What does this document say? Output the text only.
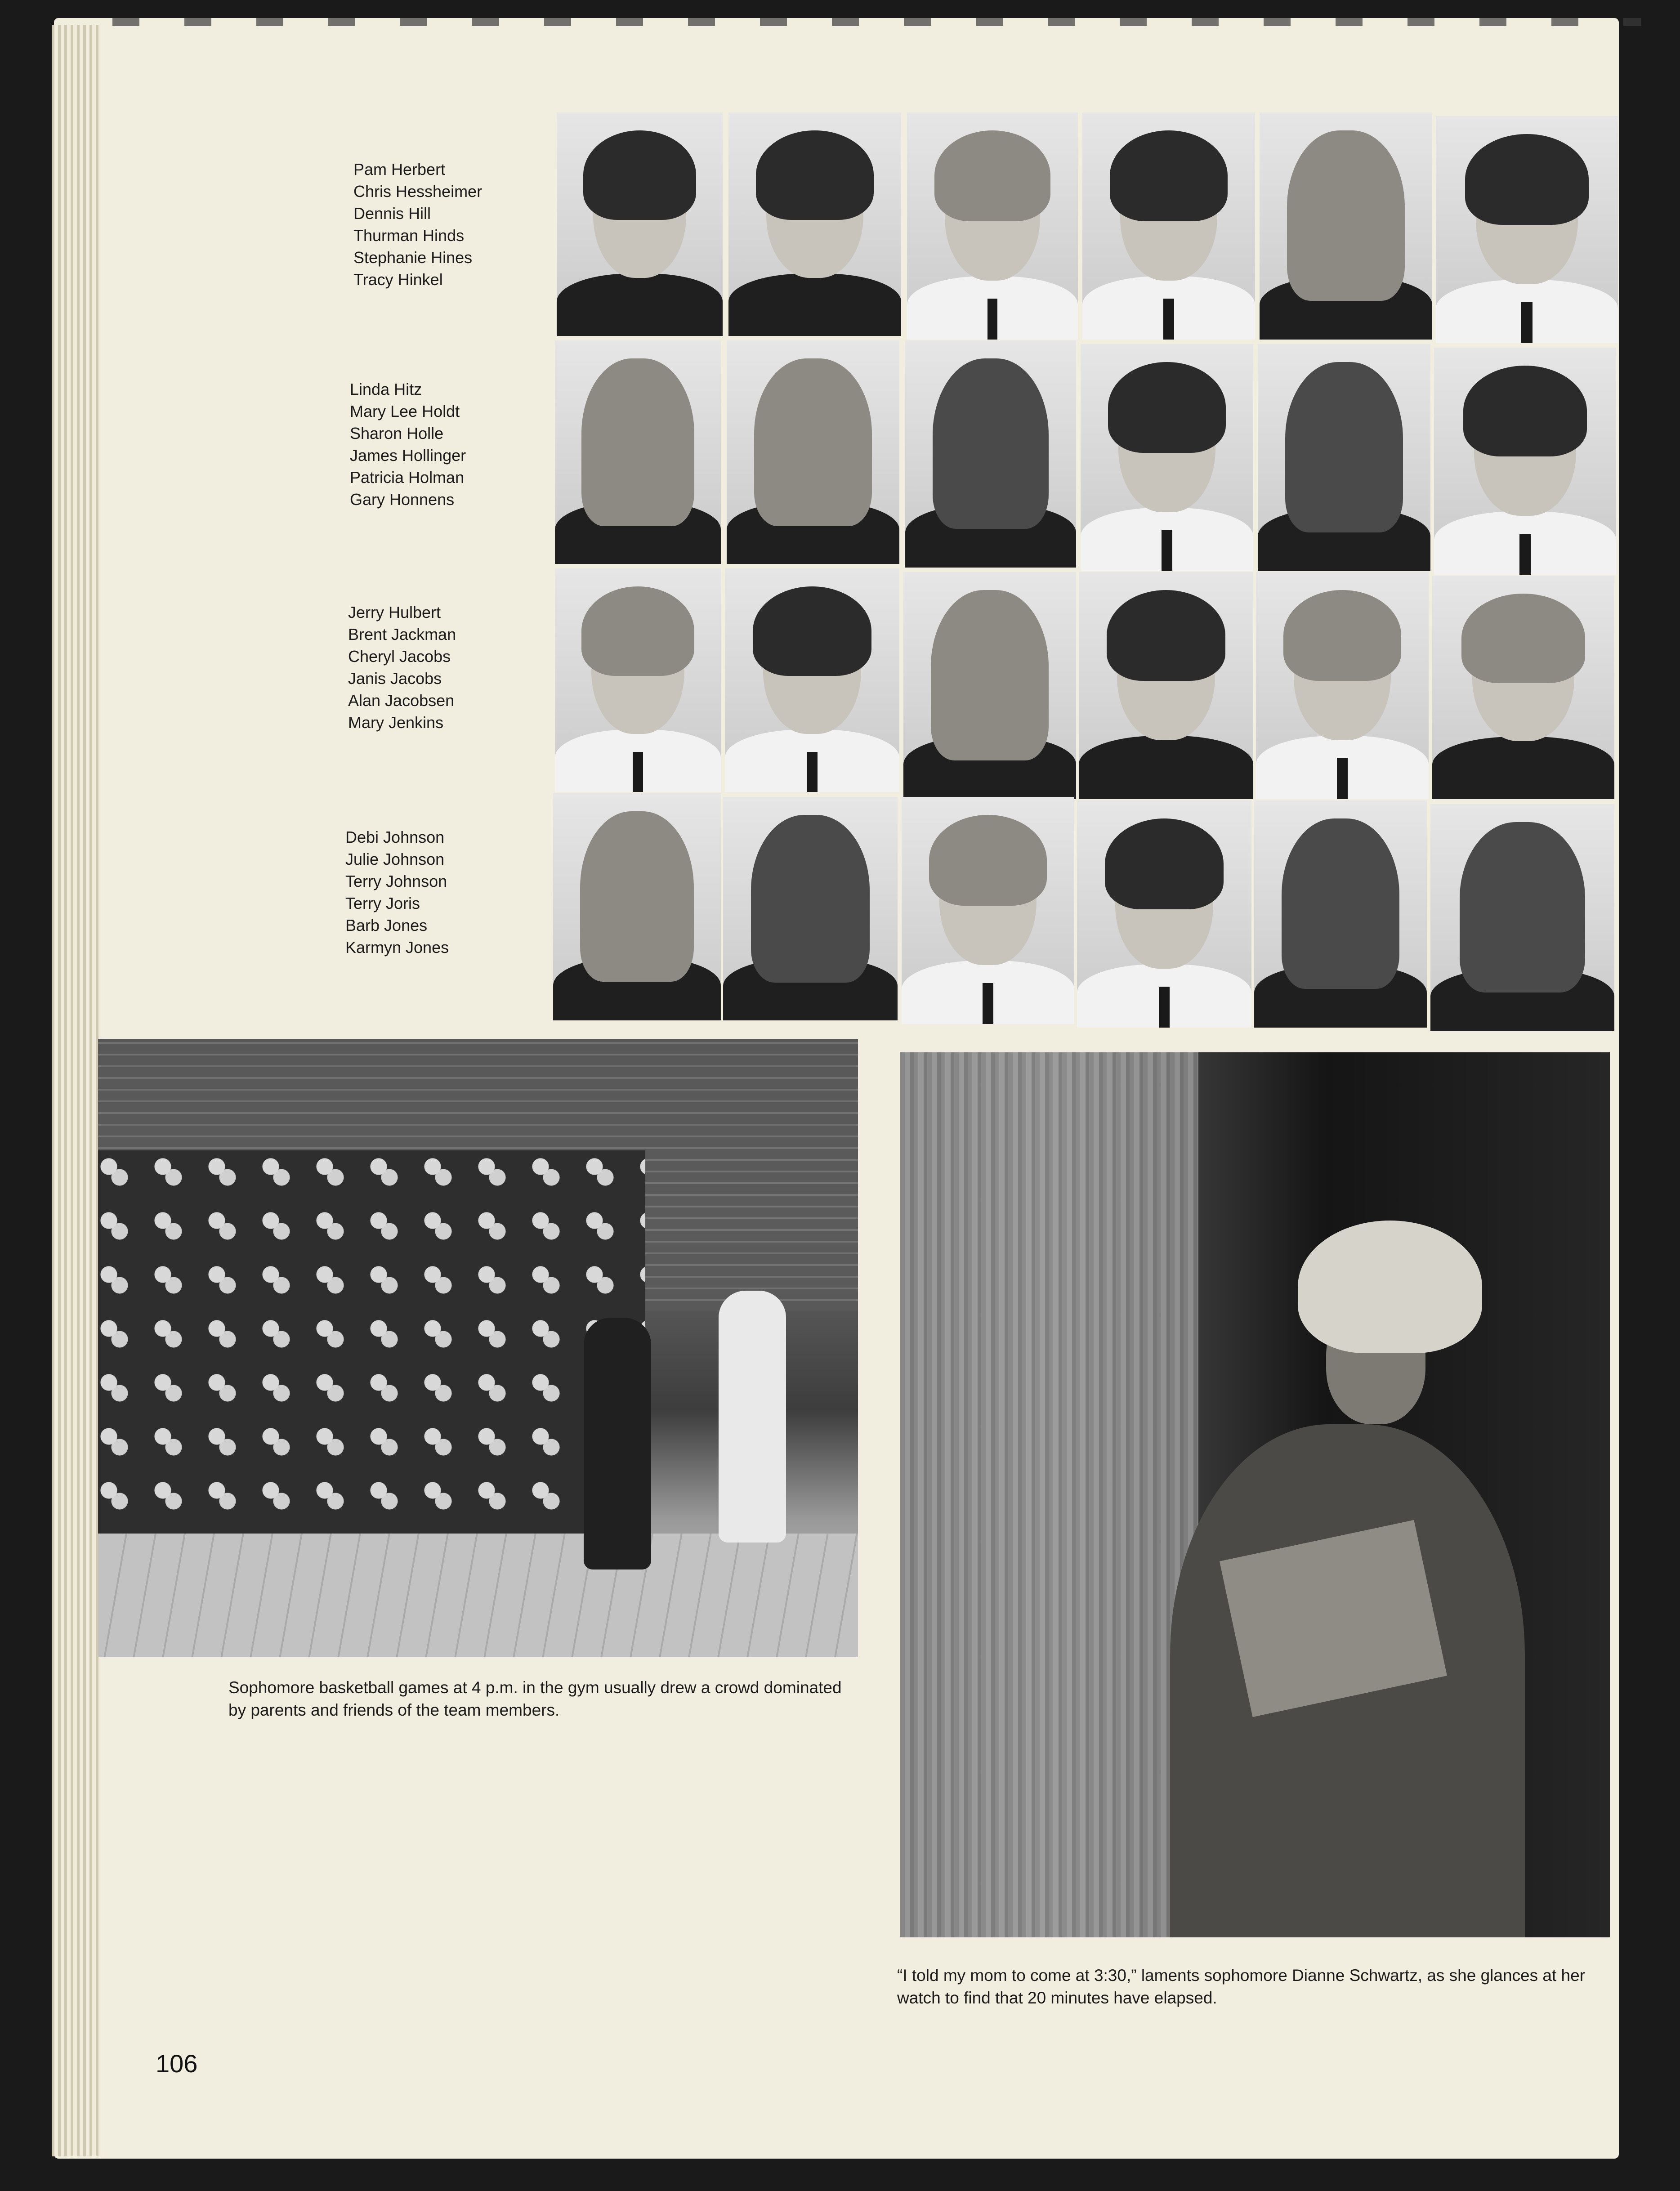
Pam Herbert
Chris Hessheimer
Dennis Hill
Thurman Hinds
Stephanie Hines
Tracy Hinkel
Linda Hitz
Mary Lee Holdt
Sharon Holle
James Hollinger
Patricia Holman
Gary Honnens
Jerry Hulbert
Brent Jackman
Cheryl Jacobs
Janis Jacobs
Alan Jacobsen
Mary Jenkins
Debi Johnson
Julie Johnson
Terry Johnson
Terry Joris
Barb Jones
Karmyn Jones

Sophomore basketball games at 4 p.m. in the gym usually drew a crowd dominated by parents and friends of the team members.

“I told my mom to come at 3:30,” laments sophomore Dianne Schwartz, as she glances at her watch to find that 20 minutes have elapsed.

106
